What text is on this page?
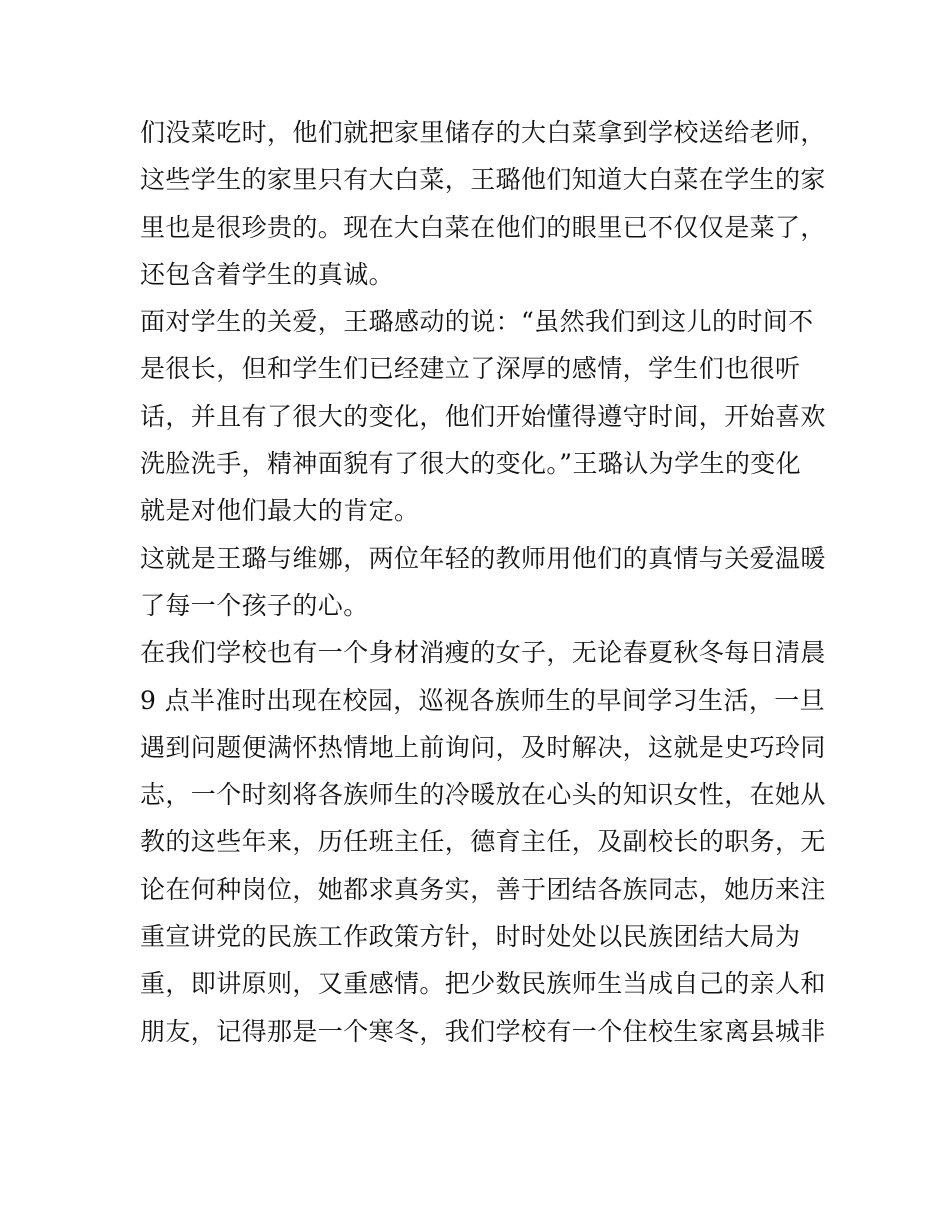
们没菜吃时，他们就把家里储存的大白菜拿到学校送给老师，
这些学生的家里只有大白菜，王璐他们知道大白菜在学生的家
里也是很珍贵的。现在大白菜在他们的眼里已不仅仅是菜了，
还包含着学生的真诚。
面对学生的关爱，王璐感动的说：“虽然我们到这儿的时间不
是很长，但和学生们已经建立了深厚的感情，学生们也很听
话，并且有了很大的变化，他们开始懂得遵守时间，开始喜欢
洗脸洗手，精神面貌有了很大的变化。”王璐认为学生的变化
就是对他们最大的肯定。
这就是王璐与维娜，两位年轻的教师用他们的真情与关爱温暖
了每一个孩子的心。
在我们学校也有一个身材消瘦的女子，无论春夏秋冬每日清晨
9 点半准时出现在校园，巡视各族师生的早间学习生活，一旦
遇到问题便满怀热情地上前询问，及时解决，这就是史巧玲同
志，一个时刻将各族师生的冷暖放在心头的知识女性，在她从
教的这些年来，历任班主任，德育主任，及副校长的职务，无
论在何种岗位，她都求真务实，善于团结各族同志，她历来注
重宣讲党的民族工作政策方针，时时处处以民族团结大局为
重，即讲原则，又重感情。把少数民族师生当成自己的亲人和
朋友，记得那是一个寒冬，我们学校有一个住校生家离县城非
